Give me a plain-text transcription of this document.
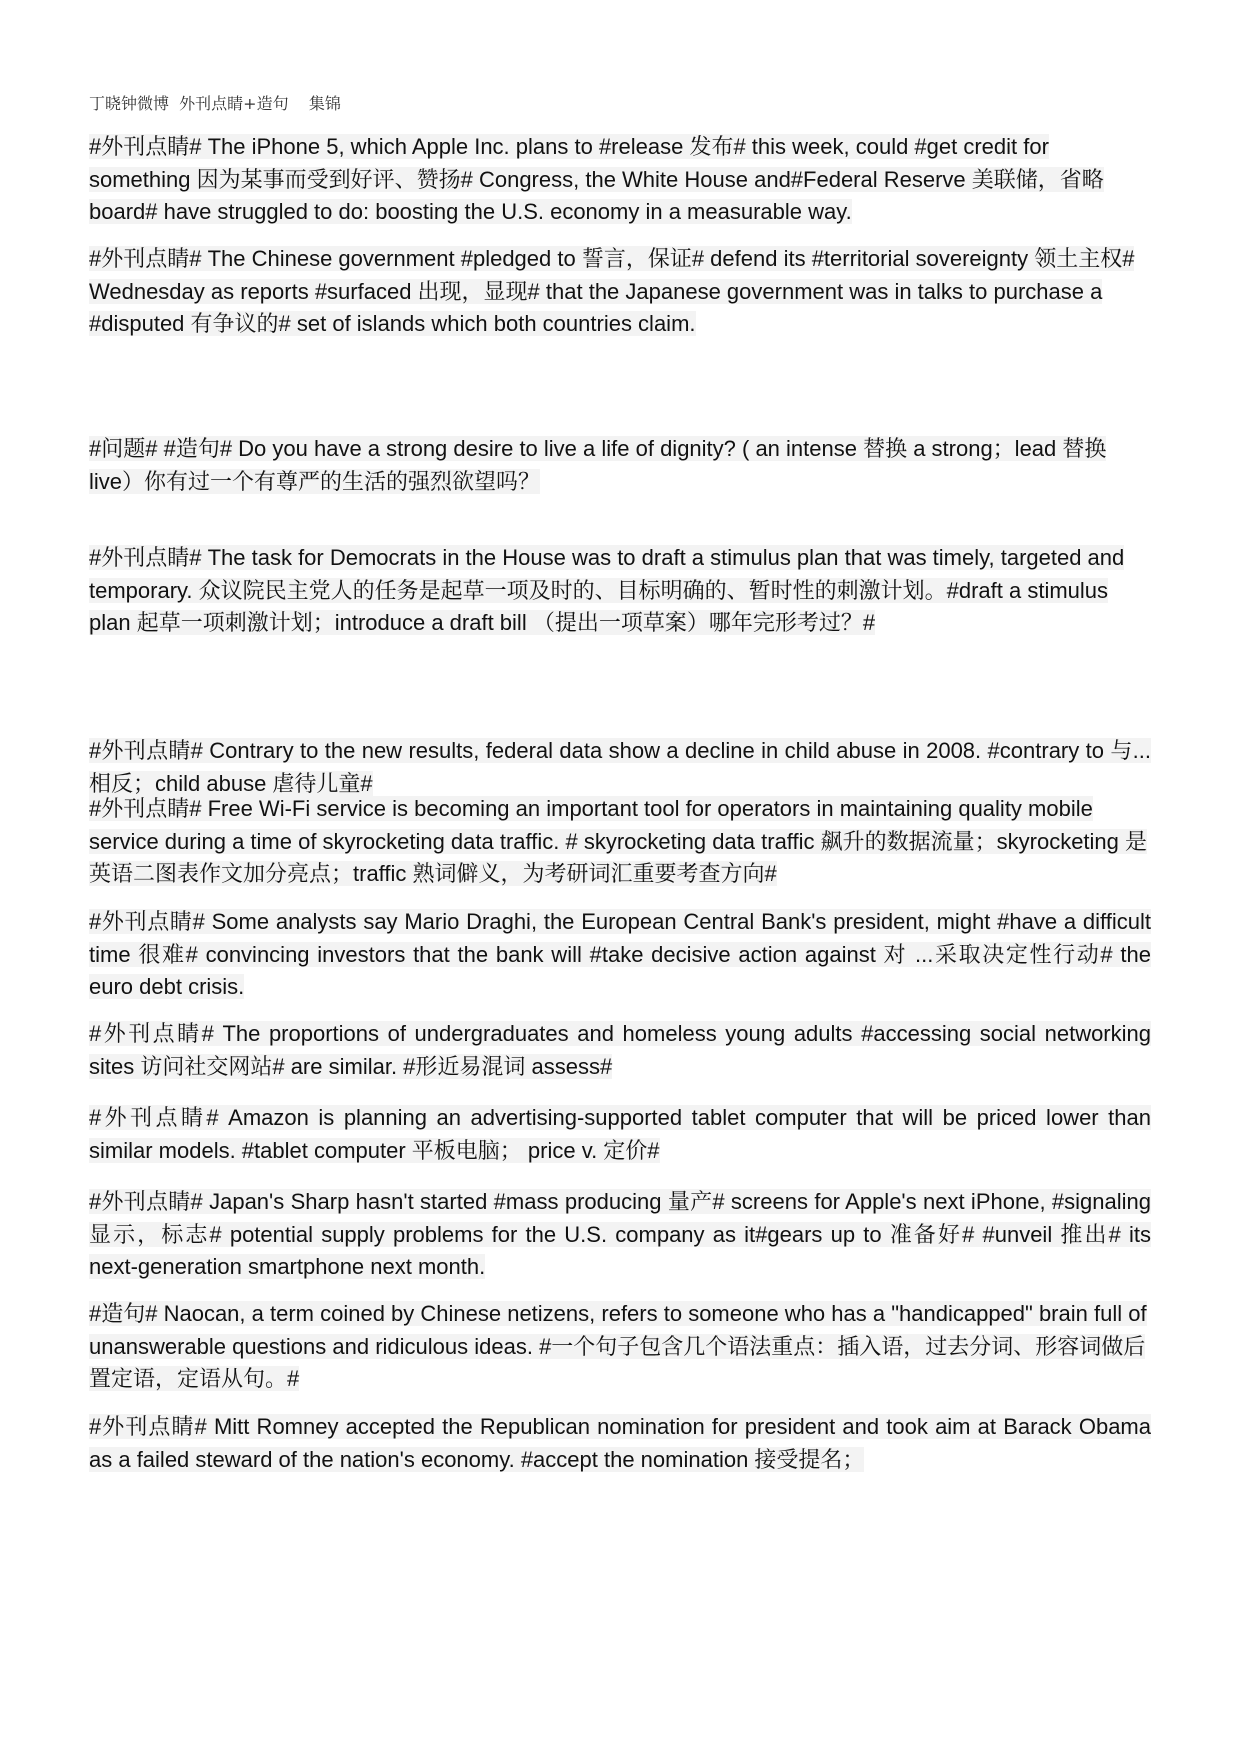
丁晓钟微博  外刊点睛+造句    集锦
#外刊点睛# The iPhone 5, which Apple Inc. plans to #release 发布# this week, could #get credit for something 因为某事而受到好评、赞扬# Congress, the White House and#Federal Reserve 美联储，省略 board# have struggled to do: boosting the U.S. economy in a measurable way.
#外刊点睛# The Chinese government #pledged to 誓言，保证# defend its #territorial sovereignty 领土主权# Wednesday as reports #surfaced 出现，显现# that the Japanese government was in talks to purchase a #disputed 有争议的# set of islands which both countries claim.
#问题# #造句# Do you have a strong desire to live a life of dignity? ( an intense 替换 a strong；lead 替换 live）你有过一个有尊严的生活的强烈欲望吗？
#外刊点睛# The task for Democrats in the House was to draft a stimulus plan that was timely, targeted and temporary. 众议院民主党人的任务是起草一项及时的、目标明确的、暂时性的刺激计划。#draft a stimulus plan 起草一项刺激计划；introduce a draft bill （提出一项草案）哪年完形考过？#
#外刊点睛# Contrary to the new results, federal data show a decline in child abuse in 2008. #contrary to 与...相反；child abuse 虐待儿童#
#外刊点睛# Free Wi-Fi service is becoming an important tool for operators in maintaining quality mobile service during a time of skyrocketing data traffic. # skyrocketing data traffic 飙升的数据流量；skyrocketing 是英语二图表作文加分亮点；traffic 熟词僻义，为考研词汇重要考查方向#
#外刊点睛# Some analysts say Mario Draghi, the European Central Bank's president, might #have a difficult time 很难# convincing investors that the bank will #take decisive action against 对 ...采取决定性行动# the euro debt crisis.
#外刊点睛# The proportions of undergraduates and homeless young adults #accessing social networking sites 访问社交网站# are similar. #形近易混词 assess#
#外刊点睛# Amazon is planning an advertising-supported tablet computer that will be priced lower than similar models. #tablet computer 平板电脑； price v. 定价#
#外刊点睛# Japan's Sharp hasn't started #mass producing 量产# screens for Apple's next iPhone, #signaling 显示，标志# potential supply problems for the U.S. company as it#gears up to 准备好# #unveil 推出# its next-generation smartphone next month.
#造句# Naocan, a term coined by Chinese netizens, refers to someone who has a "handicapped" brain full of unanswerable questions and ridiculous ideas. #一个句子包含几个语法重点：插入语，过去分词、形容词做后置定语，定语从句。#
#外刊点睛# Mitt Romney accepted the Republican nomination for president and took aim at Barack Obama as a failed steward of the nation's economy. #accept the nomination 接受提名；
